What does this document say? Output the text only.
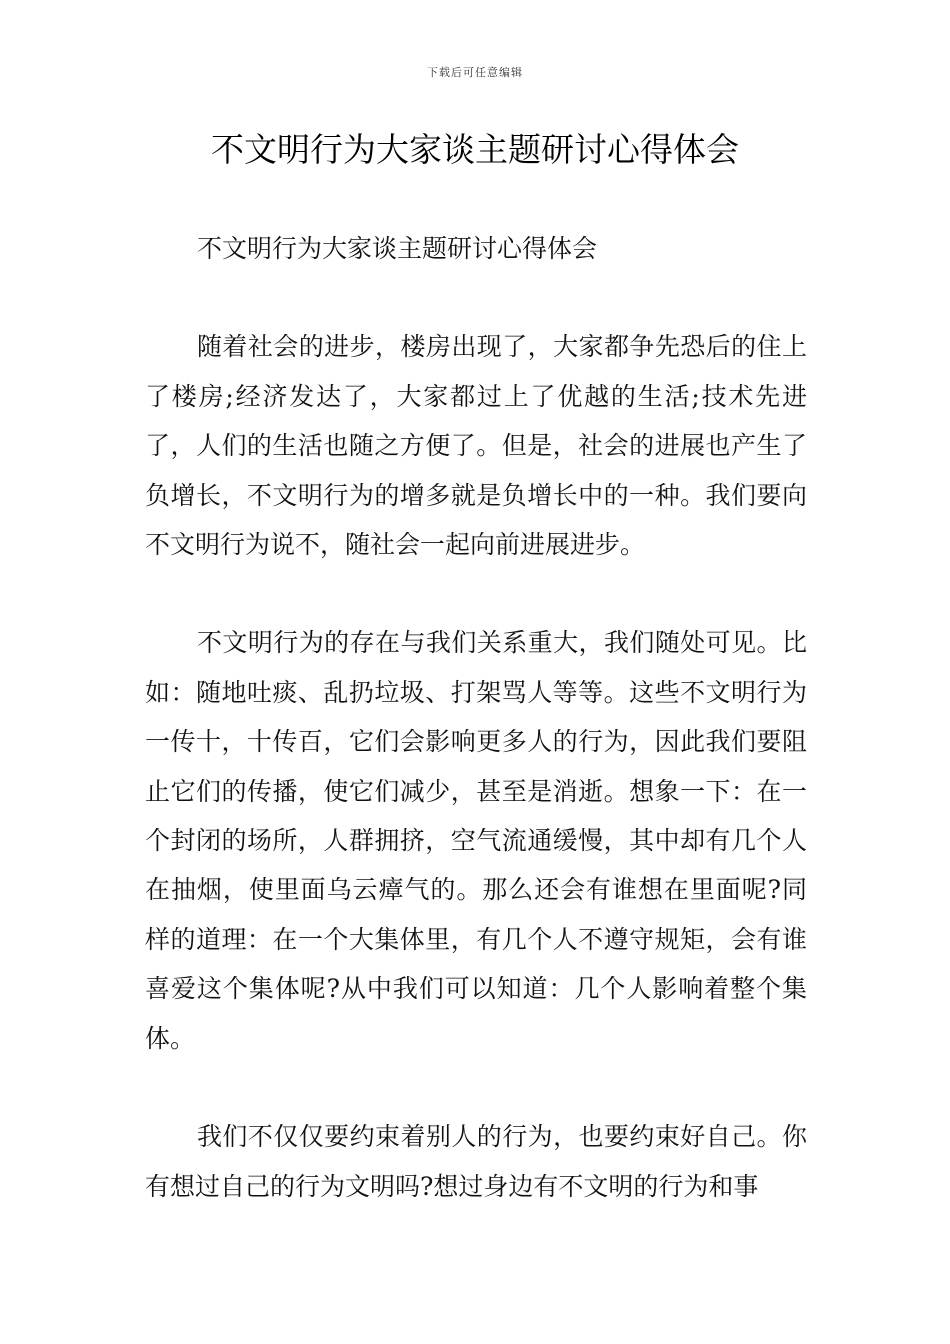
下载后可任意编辑
不文明行为大家谈主题研讨心得体会

不文明行为大家谈主题研讨心得体会

随着社会的进步，楼房出现了，大家都争先恐后的住上了楼房;经济发达了，大家都过上了优越的生活;技术先进了，人们的生活也随之方便了。但是，社会的进展也产生了负增长，不文明行为的增多就是负增长中的一种。我们要向不文明行为说不，随社会一起向前进展进步。

不文明行为的存在与我们关系重大，我们随处可见。比如：随地吐痰、乱扔垃圾、打架骂人等等。这些不文明行为一传十，十传百，它们会影响更多人的行为，因此我们要阻止它们的传播，使它们减少，甚至是消逝。想象一下：在一个封闭的场所，人群拥挤，空气流通缓慢，其中却有几个人在抽烟，使里面乌云瘴气的。那么还会有谁想在里面呢?同样的道理：在一个大集体里，有几个人不遵守规矩，会有谁喜爱这个集体呢?从中我们可以知道：几个人影响着整个集体。

我们不仅仅要约束着别人的行为，也要约束好自己。你有想过自己的行为文明吗?想过身边有不文明的行为和事
